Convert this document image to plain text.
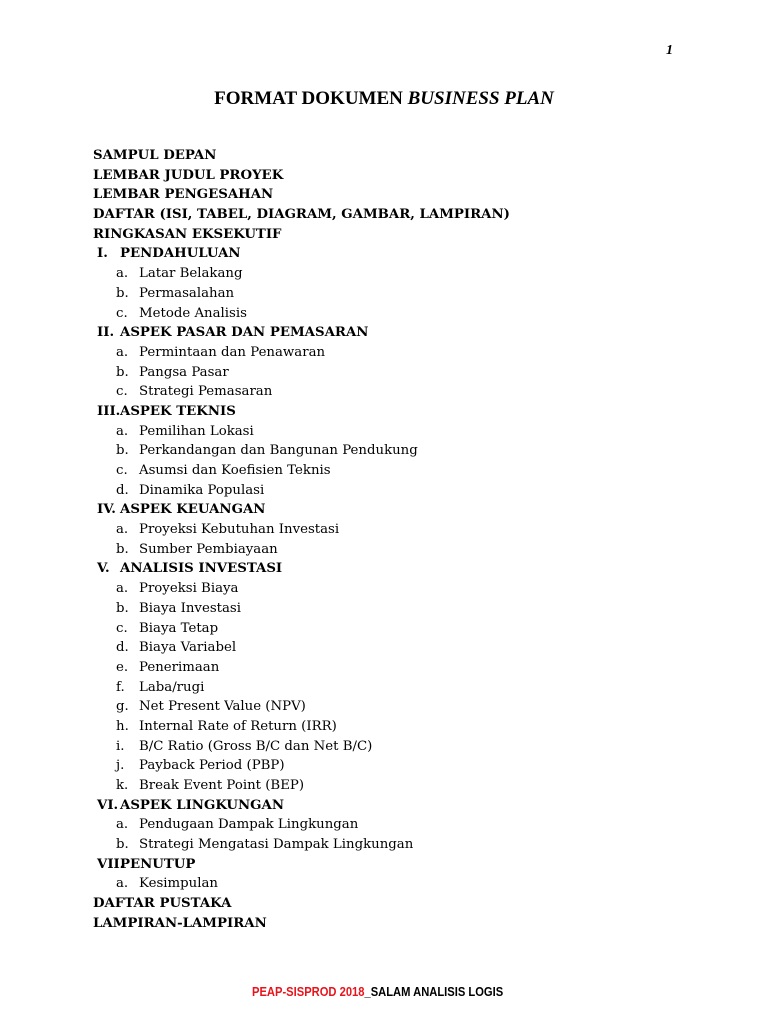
1
FORMAT DOKUMEN BUSINESS PLAN
SAMPUL DEPAN
LEMBAR JUDUL PROYEK
LEMBAR PENGESAHAN
DAFTAR (ISI, TABEL, DIAGRAM, GAMBAR, LAMPIRAN)
RINGKASAN EKSEKUTIF
I. PENDAHULUAN
a. Latar Belakang
b. Permasalahan
c. Metode Analisis
II. ASPEK PASAR DAN PEMASARAN
a. Permintaan dan Penawaran
b. Pangsa Pasar
c. Strategi Pemasaran
III. ASPEK TEKNIS
a. Pemilihan Lokasi
b. Perkandangan dan Bangunan Pendukung
c. Asumsi dan Koefisien Teknis
d. Dinamika Populasi
IV. ASPEK KEUANGAN
a. Proyeksi Kebutuhan Investasi
b. Sumber Pembiayaan
V. ANALISIS INVESTASI
a. Proyeksi Biaya
b. Biaya Investasi
c. Biaya Tetap
d. Biaya Variabel
e. Penerimaan
f. Laba/rugi
g. Net Present Value (NPV)
h. Internal Rate of Return (IRR)
i. B/C Ratio (Gross B/C dan Net B/C)
j. Payback Period (PBP)
k. Break Event Point (BEP)
VI. ASPEK LINGKUNGAN
a. Pendugaan Dampak Lingkungan
b. Strategi Mengatasi Dampak Lingkungan
VII.
PENUTUP
a. Kesimpulan
DAFTAR PUSTAKA
LAMPIRAN-LAMPIRAN
PEAP-SISPROD 2018_SALAM ANALISIS LOGIS
